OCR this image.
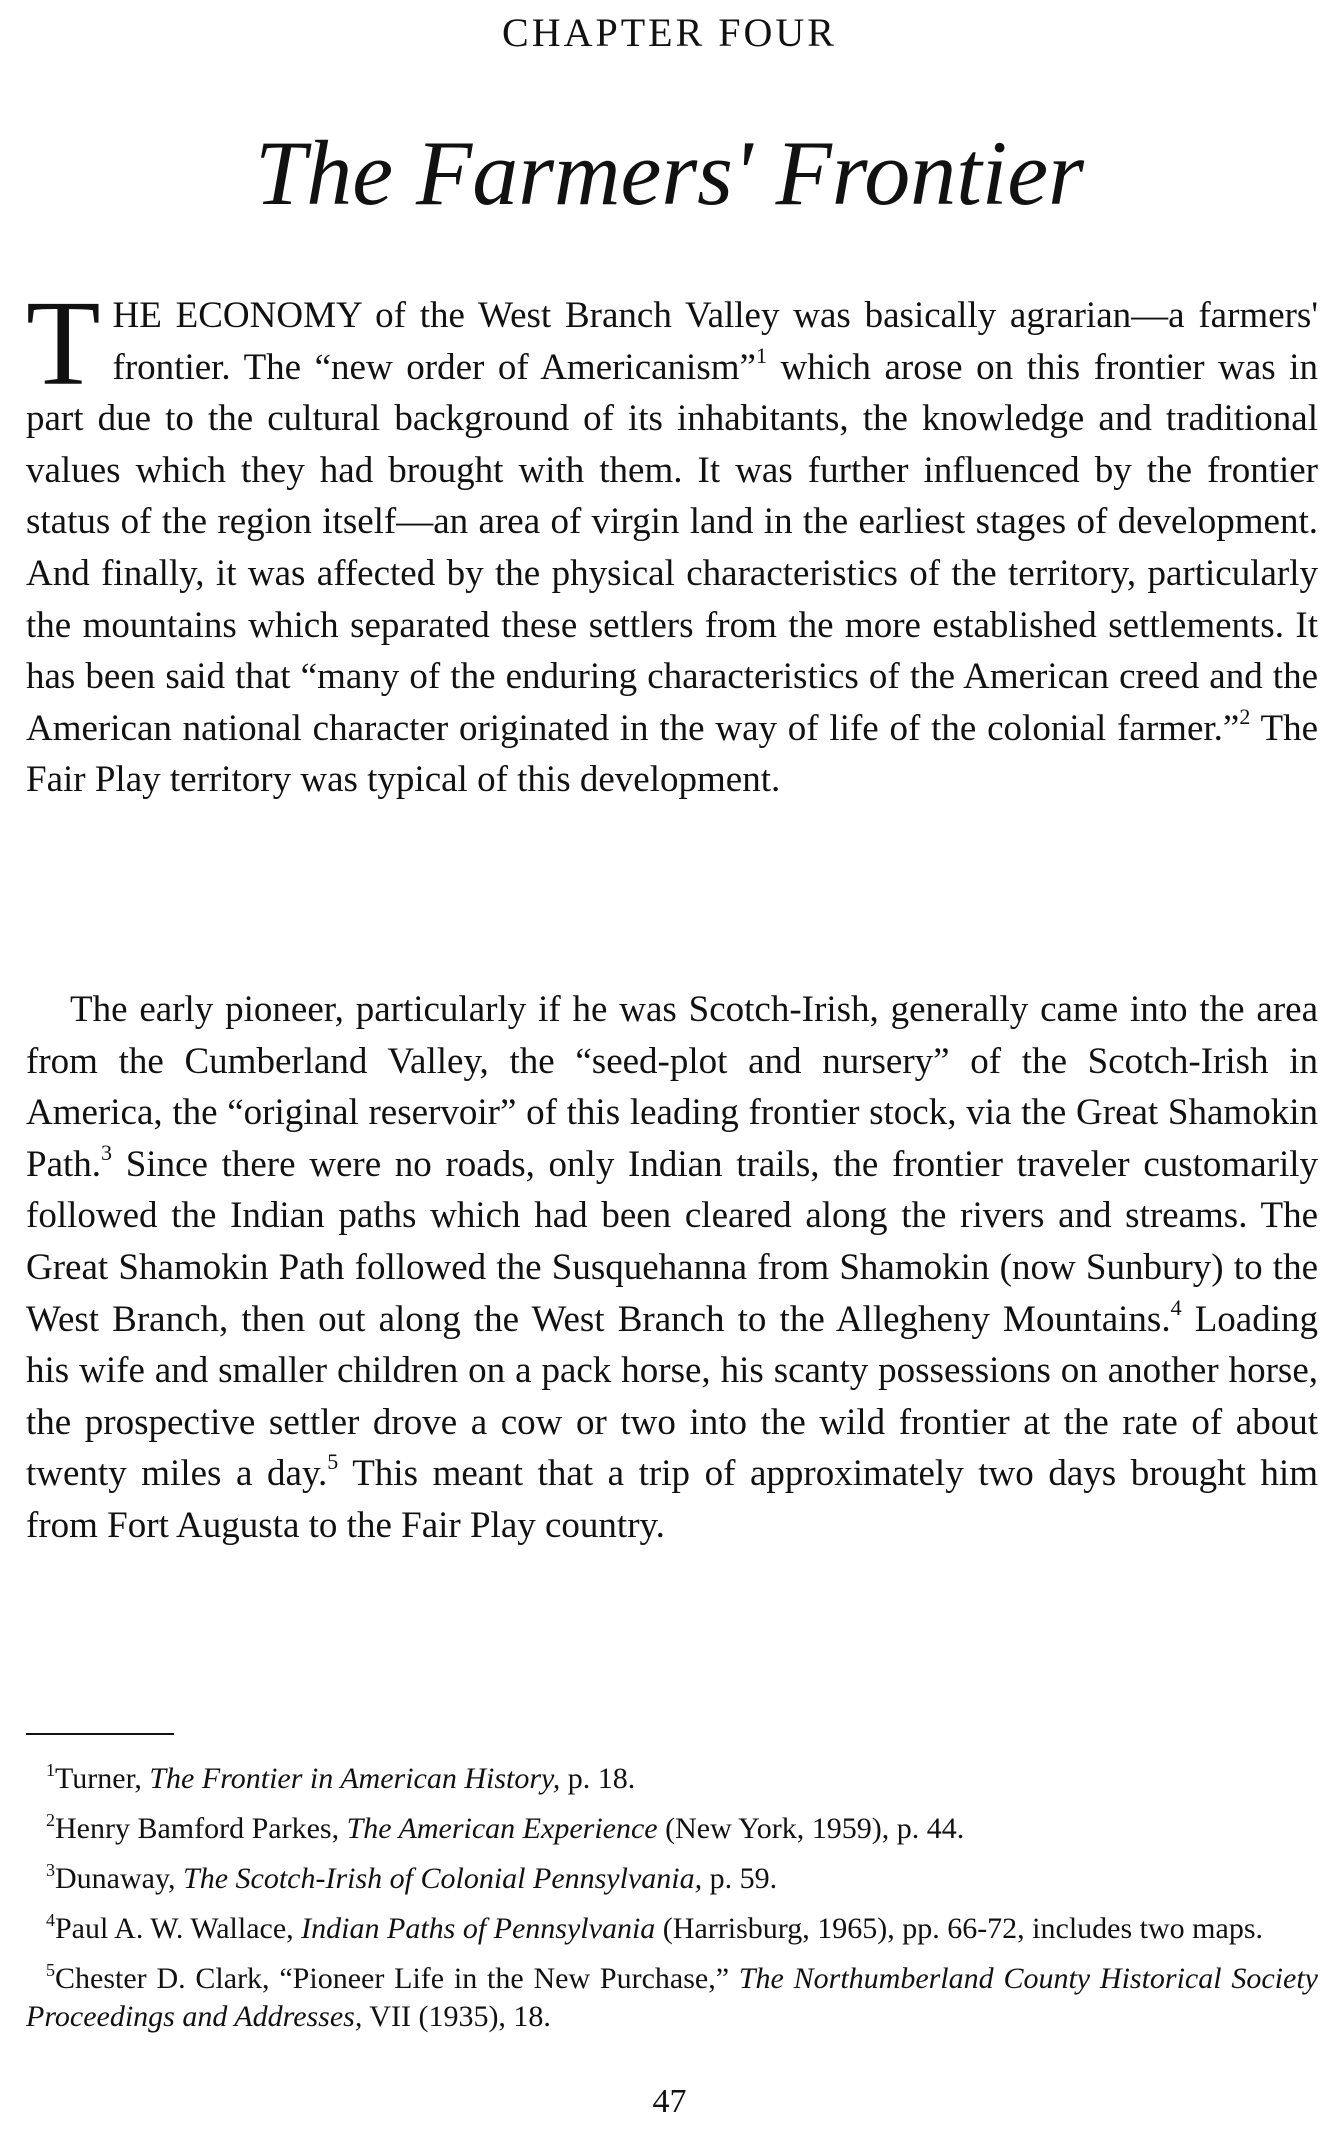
CHAPTER FOUR
The Farmers' Frontier
THE ECONOMY of the West Branch Valley was basically agrarian—a farmers' frontier. The “new order of Americanism”$^1$ which arose on this frontier was in part due to the cultural background of its inhabitants, the knowledge and traditional values which they had brought with them. It was further influenced by the frontier status of the region itself—an area of virgin land in the earliest stages of development. And finally, it was affected by the physical characteristics of the territory, particularly the mountains which separated these settlers from the more established settlements. It has been said that “many of the enduring characteristics of the American creed and the American national character originated in the way of life of the colonial farmer.”$^2$ The Fair Play territory was typical of this development.
The early pioneer, particularly if he was Scotch-Irish, generally came into the area from the Cumberland Valley, the “seed-plot and nursery” of the Scotch-Irish in America, the “original reservoir” of this leading frontier stock, via the Great Shamokin Path.$^3$ Since there were no roads, only Indian trails, the frontier traveler customarily followed the Indian paths which had been cleared along the rivers and streams. The Great Shamokin Path followed the Susquehanna from Shamokin (now Sunbury) to the West Branch, then out along the West Branch to the Allegheny Mountains.$^4$ Loading his wife and smaller children on a pack horse, his scanty possessions on another horse, the prospective settler drove a cow or two into the wild frontier at the rate of about twenty miles a day.$^5$ This meant that a trip of approximately two days brought him from Fort Augusta to the Fair Play country.
$^1$Turner, The Frontier in American History, p. 18.
$^2$Henry Bamford Parkes, The American Experience (New York, 1959), p. 44.
$^3$Dunaway, The Scotch-Irish of Colonial Pennsylvania, p. 59.
$^4$Paul A. W. Wallace, Indian Paths of Pennsylvania (Harrisburg, 1965), pp. 66-72, includes two maps.
$^5$Chester D. Clark, “Pioneer Life in the New Purchase,” The Northumberland County Historical Society Proceedings and Addresses, VII (1935), 18.
47
